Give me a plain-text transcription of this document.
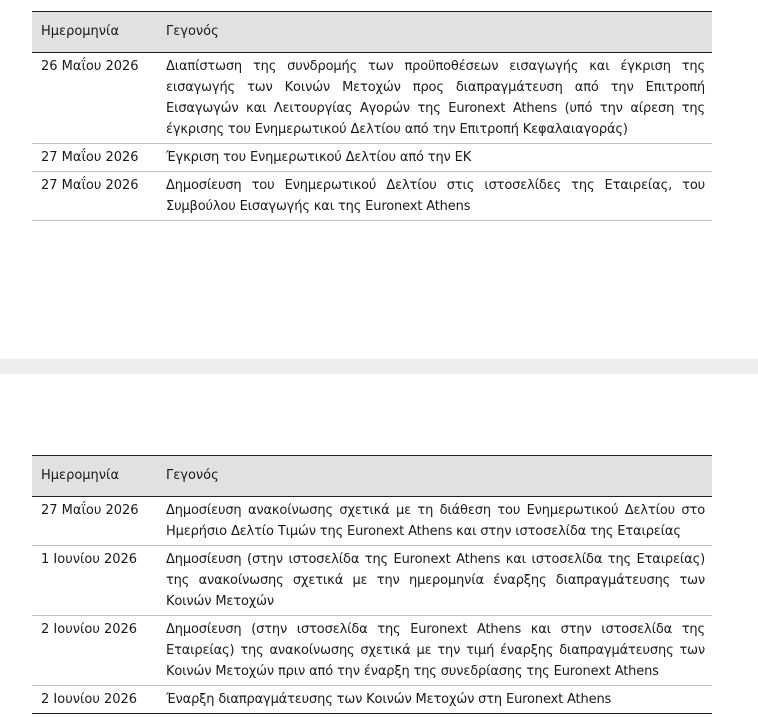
Ημερομηνία	Γεγονός
26 Μαΐου 2026 Διαπίστωση της συνδρομής των προϋποθέσεων εισαγωγής και έγκριση της εισαγωγής των Κοινών Μετοχών προς διαπραγμάτευση από την Επιτροπή Εισαγωγών και Λειτουργίας Αγορών της Euronext Athens (υπό την αίρεση της έγκρισης του Ενημερωτικού Δελτίου από την Επιτροπή Κεφαλαιαγοράς)
27 Μαΐου 2026 Έγκριση του Ενημερωτικού Δελτίου από την ΕΚ
27 Μαΐου 2026 Δημοσίευση του Ενημερωτικού Δελτίου στις ιστοσελίδες της Εταιρείας, του Συμβούλου Εισαγωγής και της Euronext Athens
Ημερομηνία	Γεγονός
27 Μαΐου 2026 Δημοσίευση ανακοίνωσης σχετικά με τη διάθεση του Ενημερωτικού Δελτίου στο Ημερήσιο Δελτίο Τιμών της Euronext Athens και στην ιστοσελίδα της Εταιρείας
1 Ιουνίου 2026 Δημοσίευση (στην ιστοσελίδα της Euronext Athens και ιστοσελίδα της Εταιρείας) της ανακοίνωσης σχετικά με την ημερομηνία έναρξης διαπραγμάτευσης των Κοινών Μετοχών
2 Ιουνίου 2026 Δημοσίευση (στην ιστοσελίδα της Euronext Athens και στην ιστοσελίδα της Εταιρείας) της ανακοίνωσης σχετικά με την τιμή έναρξης διαπραγμάτευσης των Κοινών Μετοχών πριν από την έναρξη της συνεδρίασης της Euronext Athens
2 Ιουνίου 2026 Έναρξη διαπραγμάτευσης των Κοινών Μετοχών στη Euronext Athens
